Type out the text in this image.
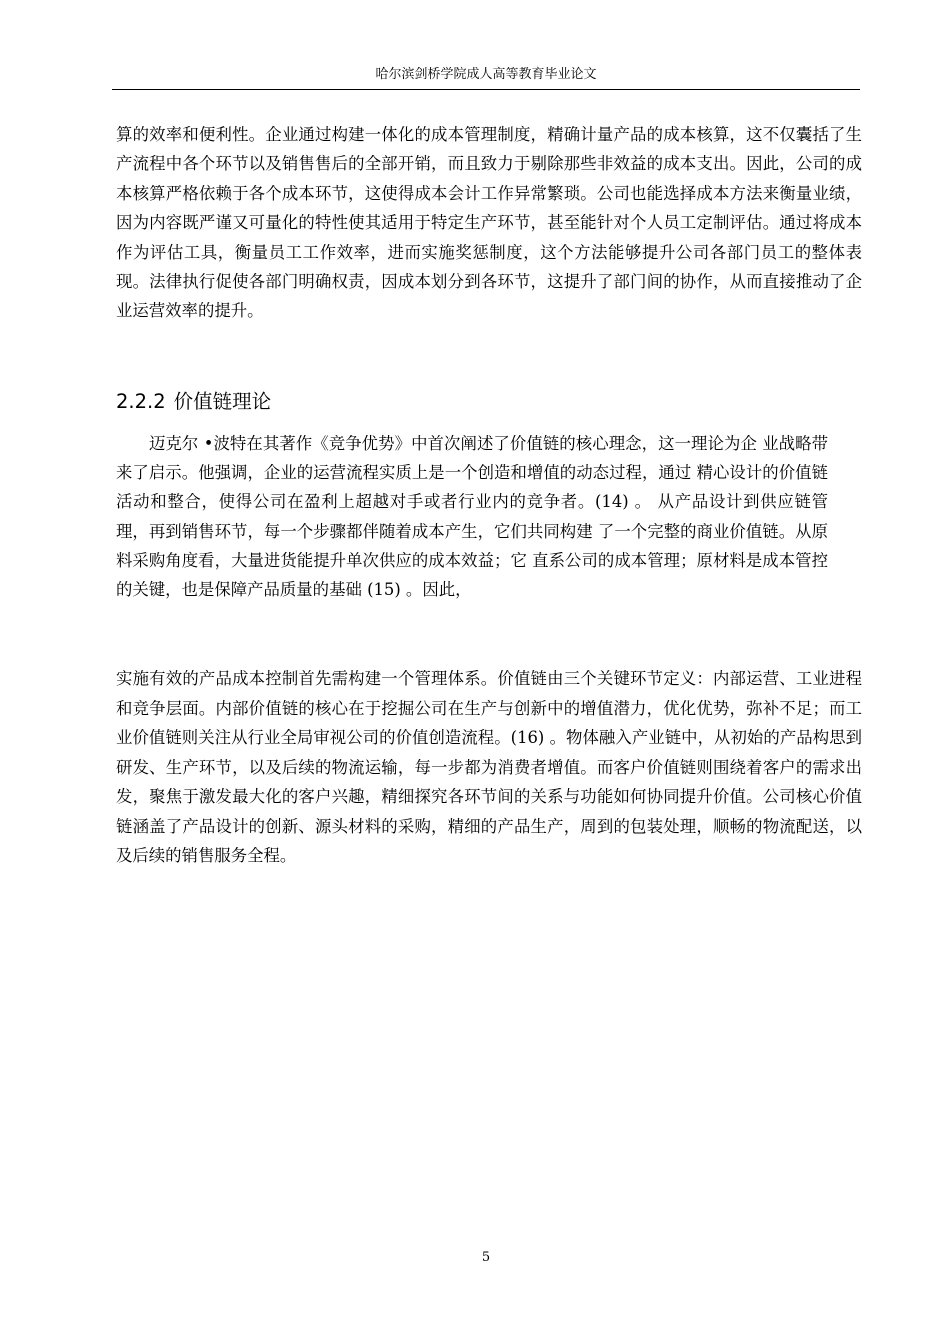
哈尔滨剑桥学院成人高等教育毕业论文

算的效率和便利性。企业通过构建一体化的成本管理制度，精确计量产品的成本核算，这不仅囊括了生产流程中各个环节以及销售售后的全部开销，而且致力于剔除那些非效益的成本支出。因此，公司的成本核算严格依赖于各个成本环节，这使得成本会计工作异常繁琐。公司也能选择成本方法来衡量业绩，因为内容既严谨又可量化的特性使其适用于特定生产环节，甚至能针对个人员工定制评估。通过将成本作为评估工具，衡量员工工作效率，进而实施奖惩制度，这个方法能够提升公司各部门员工的整体表现。法律执行促使各部门明确权责，因成本划分到各环节，这提升了部门间的协作，从而直接推动了企业运营效率的提升。

2.2.2 价值链理论

迈克尔 •波特在其著作《竞争优势》中首次阐述了价值链的核心理念，这一理论为企 业战略带来了启示。他强调，企业的运营流程实质上是一个创造和增值的动态过程，通过 精心设计的价值链活动和整合，使得公司在盈利上超越对手或者行业内的竞争者。(14) 。 从产品设计到供应链管理，再到销售环节，每一个步骤都伴随着成本产生，它们共同构建 了一个完整的商业价值链。从原料采购角度看，大量进货能提升单次供应的成本效益；它 直系公司的成本管理；原材料是成本管控的关键，也是保障产品质量的基础 (15) 。因此，

实施有效的产品成本控制首先需构建一个管理体系。价值链由三个关键环节定义：内部运营、工业进程和竞争层面。内部价值链的核心在于挖掘公司在生产与创新中的增值潜力，优化优势，弥补不足；而工业价值链则关注从行业全局审视公司的价值创造流程。(16) 。物体融入产业链中，从初始的产品构思到研发、生产环节，以及后续的物流运输，每一步都为消费者增值。而客户价值链则围绕着客户的需求出发，聚焦于激发最大化的客户兴趣，精细探究各环节间的关系与功能如何协同提升价值。公司核心价值链涵盖了产品设计的创新、源头材料的采购，精细的产品生产，周到的包装处理，顺畅的物流配送，以及后续的销售服务全程。

5
